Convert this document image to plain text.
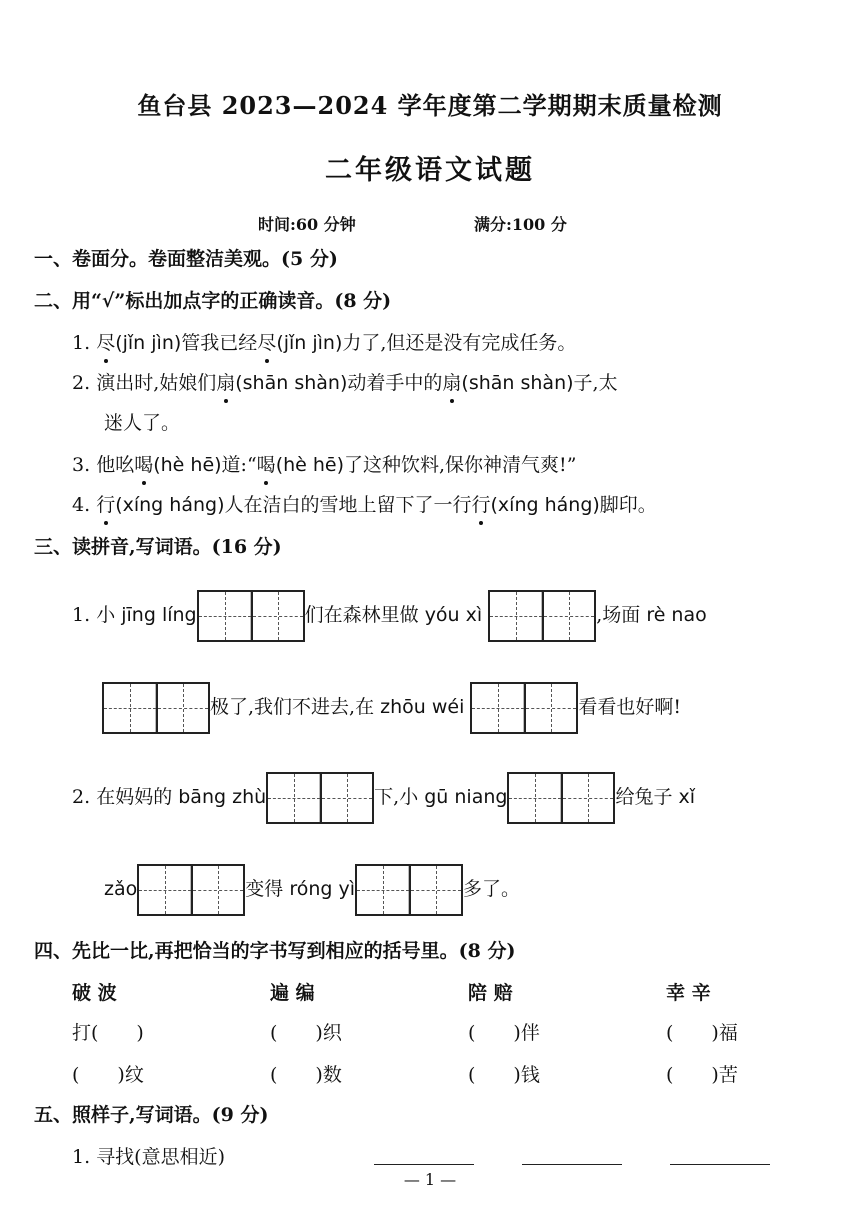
鱼台县 2023—2024 学年度第二学期期末质量检测
二年级语文试题
时间:60 分钟	满分:100 分
一、卷面分。卷面整洁美观。(5 分)
二、用“√”标出加点字的正确读音。(8 分)
1. 尽(jǐn jìn)管我已经尽(jǐn jìn)力了,但还是没有完成任务。
2. 演出时,姑娘们扇(shān shàn)动着手中的扇(shān shàn)子,太
迷人了。
3. 他吆喝(hè hē)道:“喝(hè hē)了这种饮料,保你神清气爽!”
4. 行(xíng háng)人在洁白的雪地上留下了一行行(xíng háng)脚印。
三、读拼音,写词语。(16 分)
1. 小 jīng líng	们在森林里做 yóu xì	,场面 rè nao
极了,我们不进去,在 zhōu wéi	看看也好啊!
2. 在妈妈的 bāng zhù	下,小 gū niang	给兔子 xǐ
zǎo	变得 róng yì	多了。
四、先比一比,再把恰当的字书写到相应的括号里。(8 分)
破 波	遍 编	陪 赔	幸 辛
打(　　)	(　　)织	(　　)伴	(　　)福
(　　)纹	(　　)数	(　　)钱	(　　)苦
五、照样子,写词语。(9 分)
1. 寻找(意思相近)
— 1 —
